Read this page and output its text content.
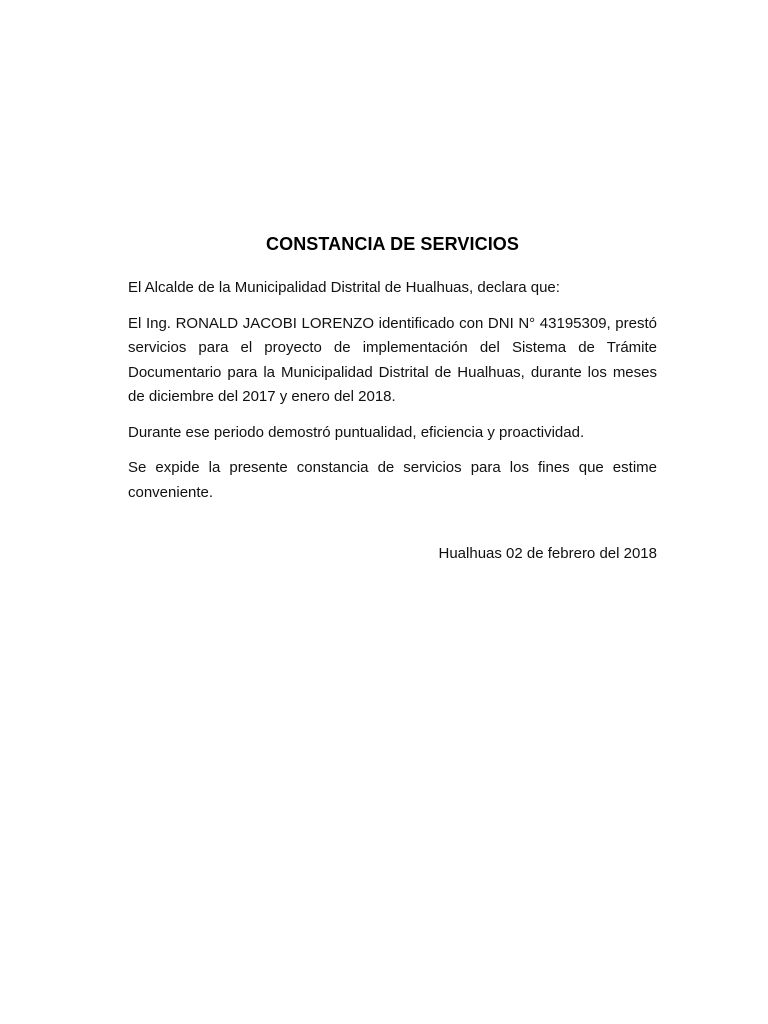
CONSTANCIA DE SERVICIOS

El Alcalde de la Municipalidad Distrital de Hualhuas, declara que:

El Ing. RONALD JACOBI LORENZO identificado con DNI N° 43195309, prestó servicios para el proyecto de implementación del Sistema de Trámite Documentario para la Municipalidad Distrital de Hualhuas, durante los meses de diciembre del 2017 y enero del 2018.

Durante ese periodo demostró puntualidad, eficiencia y proactividad.

Se expide la presente constancia de servicios para los fines que estime conveniente.

Hualhuas 02 de febrero del 2018
